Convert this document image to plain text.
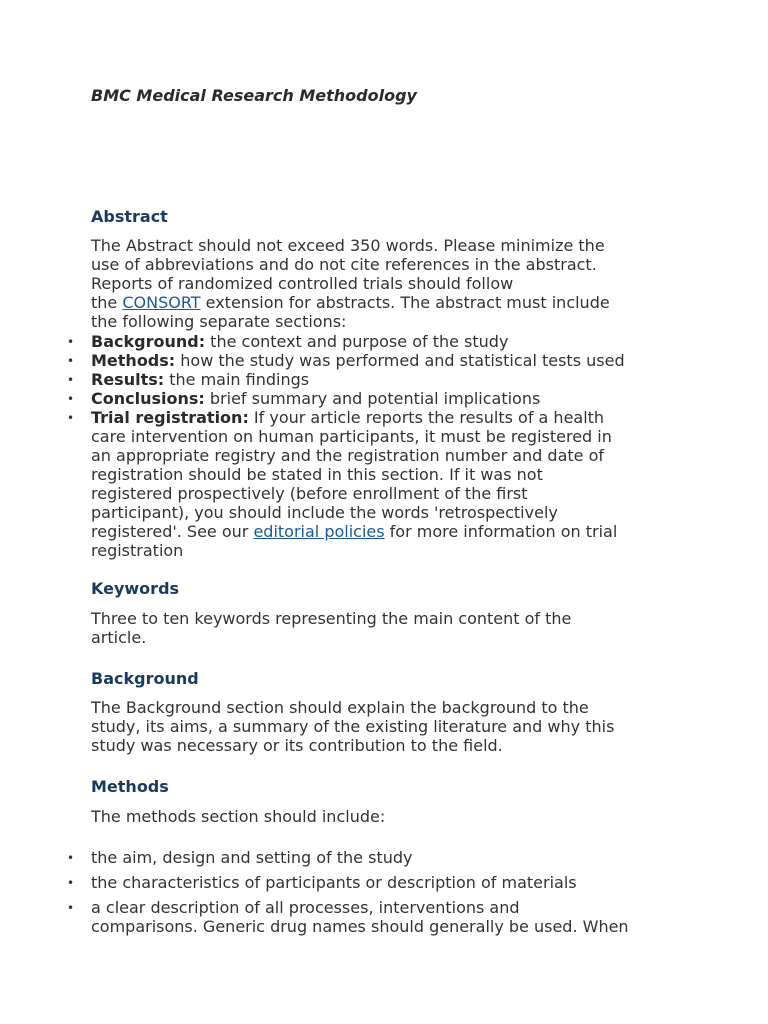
BMC Medical Research Methodology
Abstract

The Abstract should not exceed 350 words. Please minimize the
use of abbreviations and do not cite references in the abstract.
Reports of randomized controlled trials should follow
the CONSORT extension for abstracts. The abstract must include
the following separate sections:

• Background: the context and purpose of the study
• Methods: how the study was performed and statistical tests used
• Results: the main findings
• Conclusions: brief summary and potential implications
• Trial registration: If your article reports the results of a health
care intervention on human participants, it must be registered in
an appropriate registry and the registration number and date of
registration should be stated in this section. If it was not
registered prospectively (before enrollment of the first
participant), you should include the words 'retrospectively
registered'. See our editorial policies for more information on trial
registration
Keywords

Three to ten keywords representing the main content of the
article.

Background

The Background section should explain the background to the
study, its aims, a summary of the existing literature and why this
study was necessary or its contribution to the field.

Methods

The methods section should include:

• the aim, design and setting of the study
• the characteristics of participants or description of materials
• a clear description of all processes, interventions and
comparisons. Generic drug names should generally be used. When
